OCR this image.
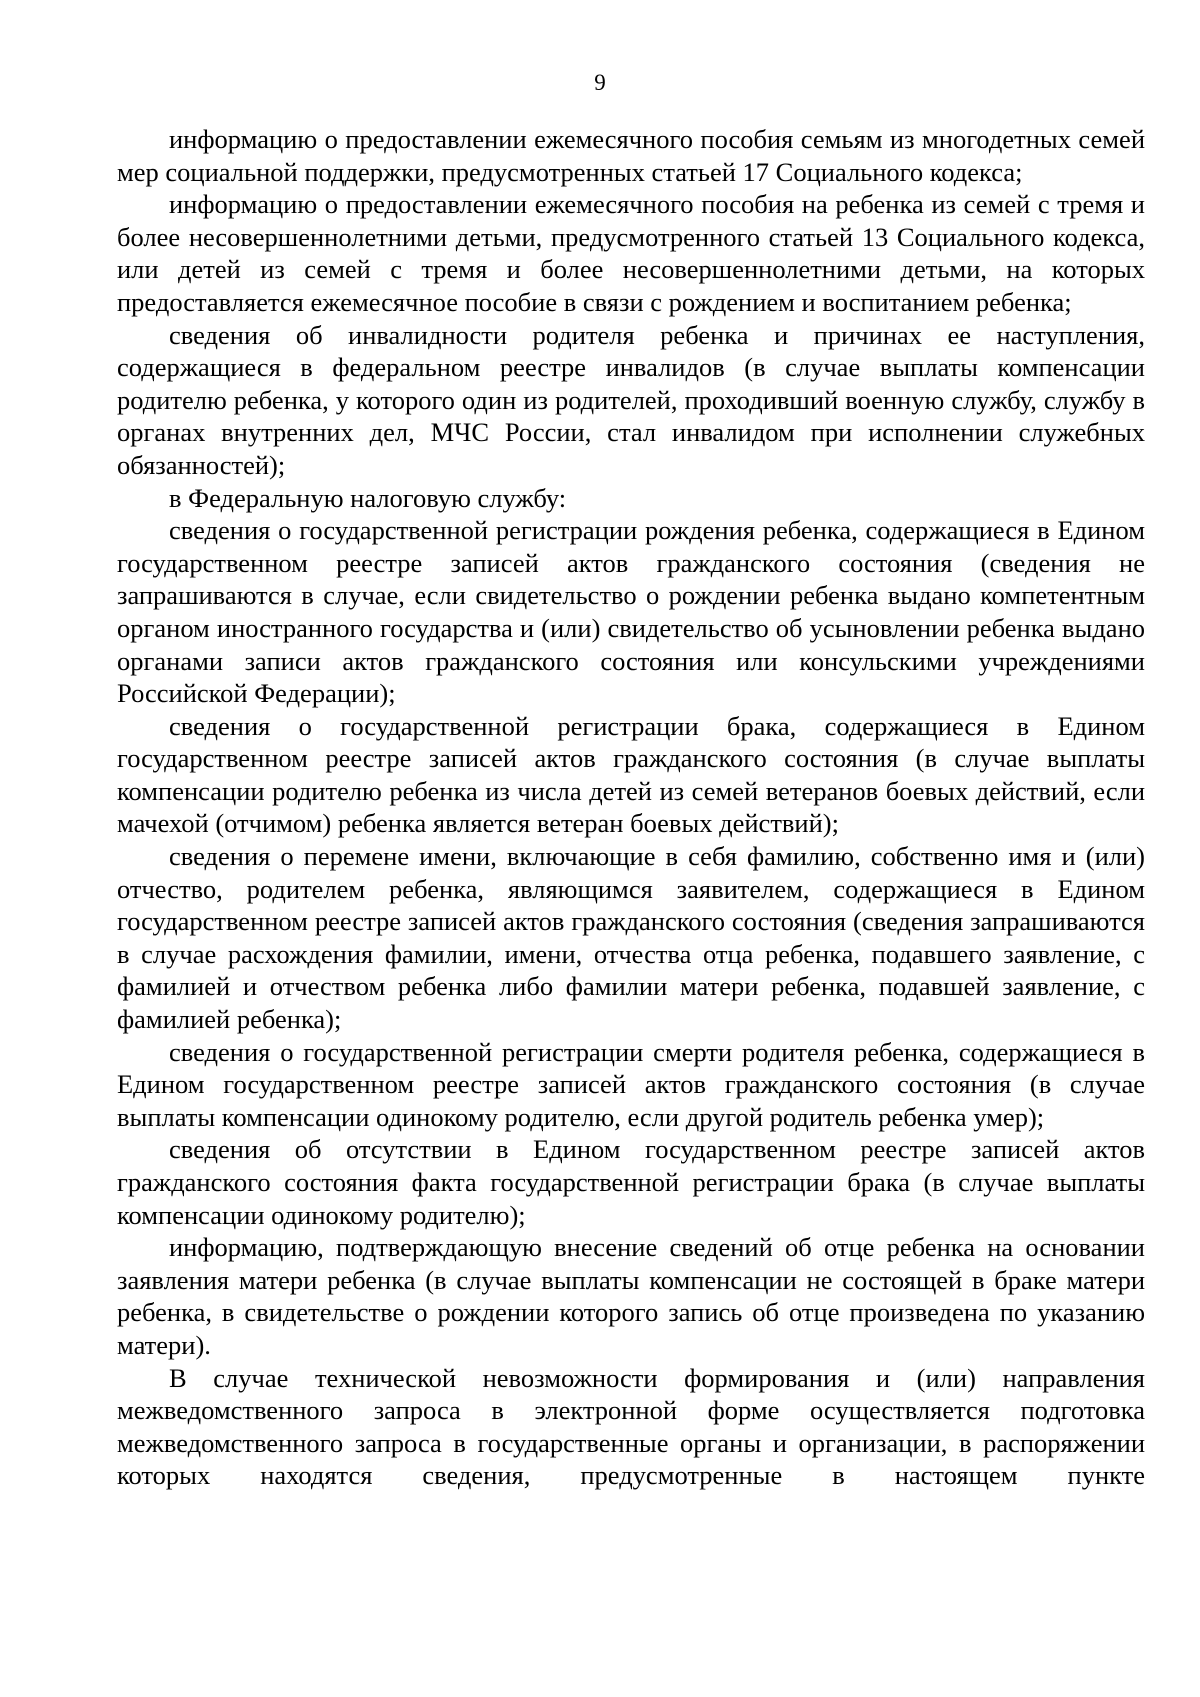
9

информацию о предоставлении ежемесячного пособия семьям из многодетных семей мер социальной поддержки, предусмотренных статьей 17 Социального кодекса;

информацию о предоставлении ежемесячного пособия на ребенка из семей с тремя и более несовершеннолетними детьми, предусмотренного статьей 13 Социального кодекса, или детей из семей с тремя и более несовершеннолетними детьми, на которых предоставляется ежемесячное пособие в связи с рождением и воспитанием ребенка;

сведения об инвалидности родителя ребенка и причинах ее наступления, содержащиеся в федеральном реестре инвалидов (в случае выплаты компенсации родителю ребенка, у которого один из родителей, проходивший военную службу, службу в органах внутренних дел, МЧС России, стал инвалидом при исполнении служебных обязанностей);

в Федеральную налоговую службу:

сведения о государственной регистрации рождения ребенка, содержащиеся в Едином государственном реестре записей актов гражданского состояния (сведения не запрашиваются в случае, если свидетельство о рождении ребенка выдано компетентным органом иностранного государства и (или) свидетельство об усыновлении ребенка выдано органами записи актов гражданского состояния или консульскими учреждениями Российской Федерации);

сведения о государственной регистрации брака, содержащиеся в Едином государственном реестре записей актов гражданского состояния (в случае выплаты компенсации родителю ребенка из числа детей из семей ветеранов боевых действий, если мачехой (отчимом) ребенка является ветеран боевых действий);

сведения о перемене имени, включающие в себя фамилию, собственно имя и (или) отчество, родителем ребенка, являющимся заявителем, содержащиеся в Едином государственном реестре записей актов гражданского состояния (сведения запрашиваются в случае расхождения фамилии, имени, отчества отца ребенка, подавшего заявление, с фамилией и отчеством ребенка либо фамилии матери ребенка, подавшей заявление, с фамилией ребенка);

сведения о государственной регистрации смерти родителя ребенка, содержащиеся в Едином государственном реестре записей актов гражданского состояния (в случае выплаты компенсации одинокому родителю, если другой родитель ребенка умер);

сведения об отсутствии в Едином государственном реестре записей актов гражданского состояния факта государственной регистрации брака (в случае выплаты компенсации одинокому родителю);

информацию, подтверждающую внесение сведений об отце ребенка на основании заявления матери ребенка (в случае выплаты компенсации не состоящей в браке матери ребенка, в свидетельстве о рождении которого запись об отце произведена по указанию матери).

В случае технической невозможности формирования и (или) направления межведомственного запроса в электронной форме осуществляется подготовка межведомственного запроса в государственные органы и организации, в распоряжении которых находятся сведения, предусмотренные в настоящем пункте
